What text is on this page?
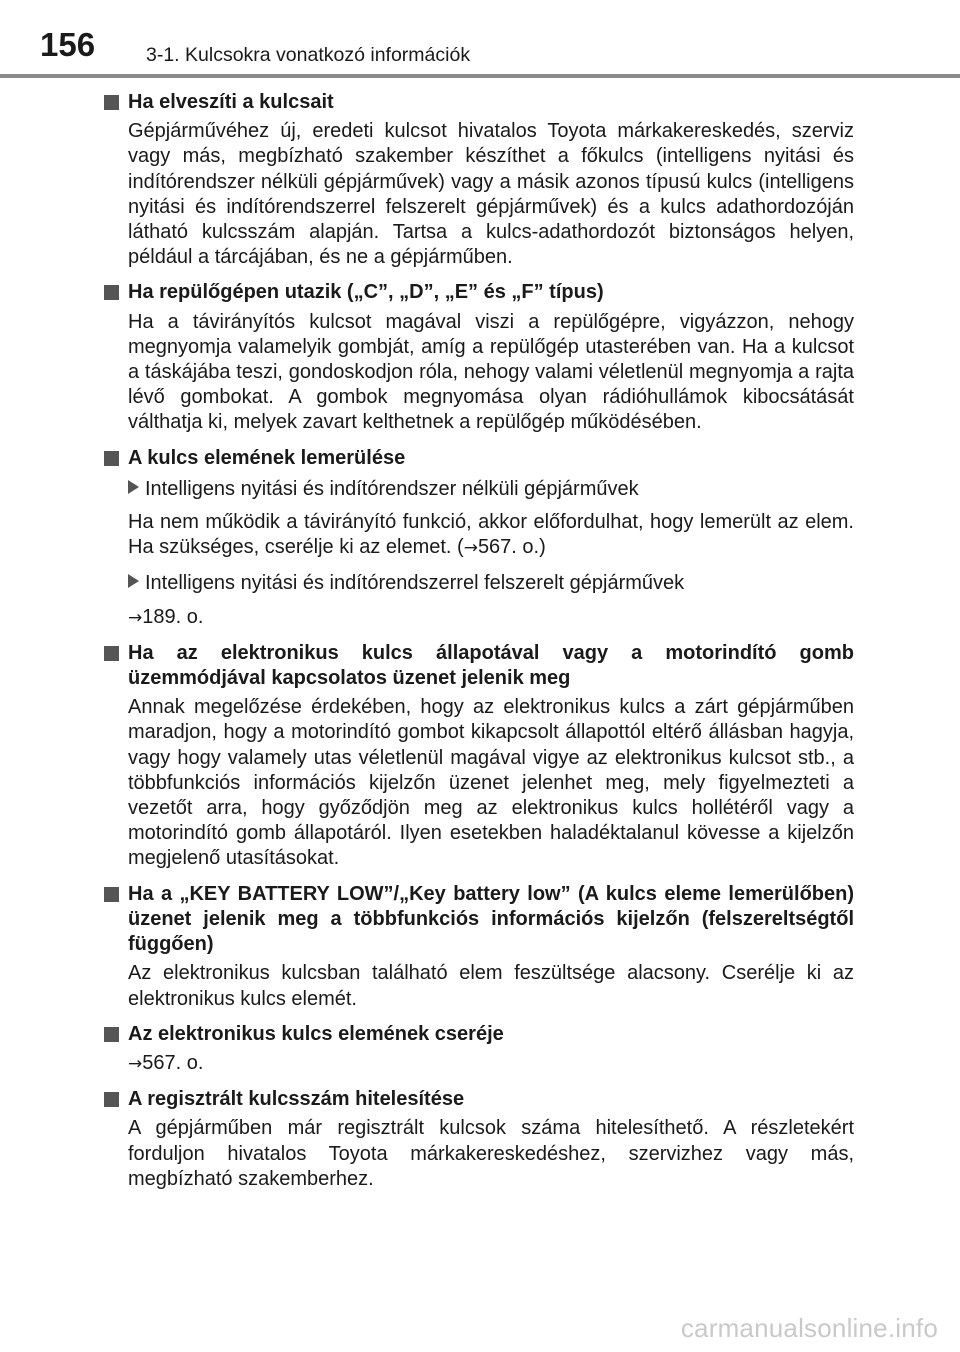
156	3-1. Kulcsokra vonatkozó információk
Ha elveszíti a kulcsait
Gépjárművéhez új, eredeti kulcsot hivatalos Toyota márkakereskedés, szerviz vagy más, megbízható szakember készíthet a főkulcs (intelligens nyitási és indítórendszer nélküli gépjárművek) vagy a másik azonos típusú kulcs (intelligens nyitási és indítórendszerrel felszerelt gépjárművek) és a kulcs adathordozóján látható kulcsszám alapján. Tartsa a kulcs-adathordozót biztonságos helyen, például a tárcájában, és ne a gépjárműben.
Ha repülőgépen utazik („C”, „D”, „E” és „F” típus)
Ha a távirányítós kulcsot magával viszi a repülőgépre, vigyázzon, nehogy megnyomja valamelyik gombját, amíg a repülőgép utasterében van. Ha a kulcsot a táskájába teszi, gondoskodjon róla, nehogy valami véletlenül megnyomja a rajta lévő gombokat. A gombok megnyomása olyan rádióhullámok kibocsátását válthatja ki, melyek zavart kelthetnek a repülőgép működésében.
A kulcs elemének lemerülése
Intelligens nyitási és indítórendszer nélküli gépjárművek
Ha nem működik a távirányító funkció, akkor előfordulhat, hogy lemerült az elem. Ha szükséges, cserélje ki az elemet. (→567. o.)
Intelligens nyitási és indítórendszerrel felszerelt gépjárművek
→189. o.
Ha az elektronikus kulcs állapotával vagy a motorindító gomb üzemmódjával kapcsolatos üzenet jelenik meg
Annak megelőzése érdekében, hogy az elektronikus kulcs a zárt gépjárműben maradjon, hogy a motorindító gombot kikapcsolt állapottól eltérő állásban hagyja, vagy hogy valamely utas véletlenül magával vigye az elektronikus kulcsot stb., a többfunkciós információs kijelzőn üzenet jelenhet meg, mely figyelmezteti a vezetőt arra, hogy győződjön meg az elektronikus kulcs hollétéről vagy a motorindító gomb állapotáról. Ilyen esetekben haladéktalanul kövesse a kijelzőn megjelenő utasításokat.
Ha a „KEY BATTERY LOW”/„Key battery low” (A kulcs eleme lemerülőben) üzenet jelenik meg a többfunkciós információs kijelzőn (felszereltségtől függően)
Az elektronikus kulcsban található elem feszültsége alacsony. Cserélje ki az elektronikus kulcs elemét.
Az elektronikus kulcs elemének cseréje
→567. o.
A regisztrált kulcsszám hitelesítése
A gépjárműben már regisztrált kulcsok száma hitelesíthető. A részletekért forduljon hivatalos Toyota márkakereskedéshez, szervizhez vagy más, megbízható szakemberhez.
carmanualsonline.info
